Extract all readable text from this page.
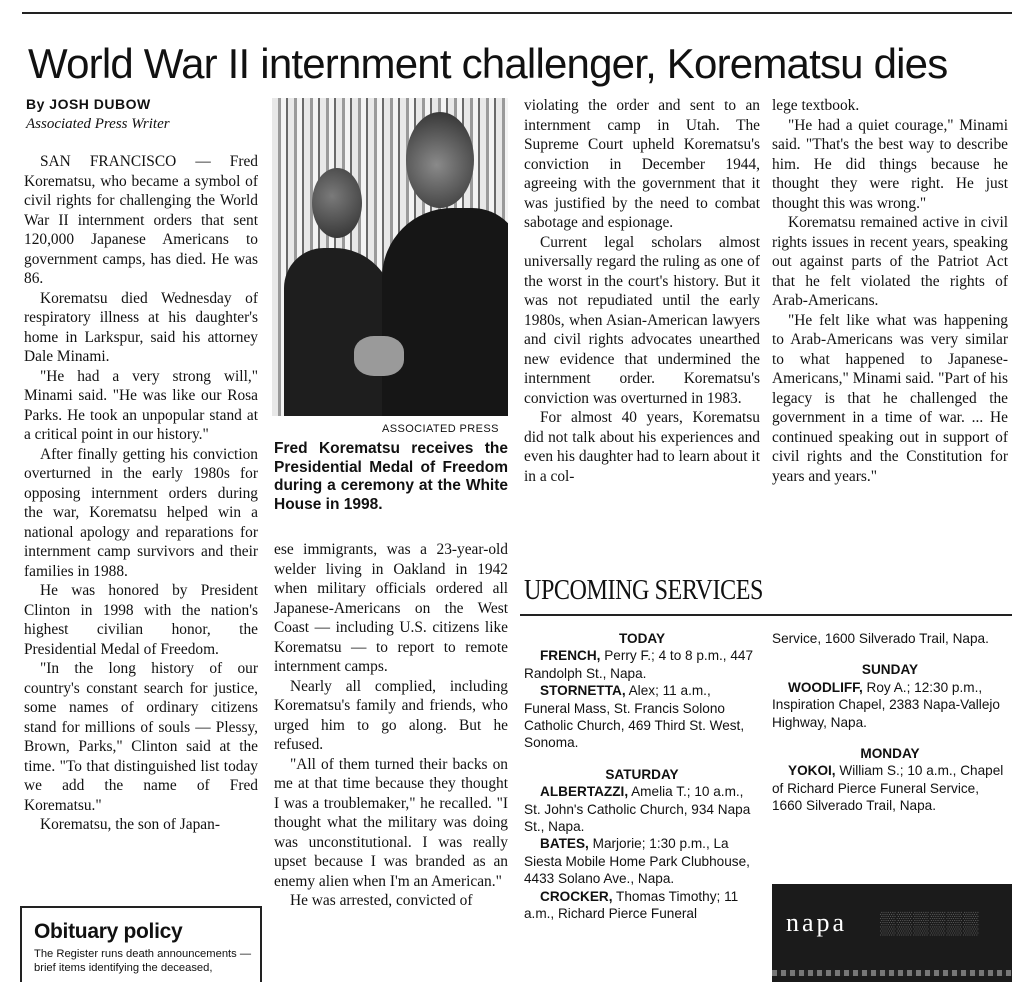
World War II internment challenger, Korematsu dies
By JOSH DUBOW
Associated Press Writer

SAN FRANCISCO — Fred Korematsu, who became a symbol of civil rights for challenging the World War II internment orders that sent 120,000 Japanese Americans to government camps, has died. He was 86.

Korematsu died Wednesday of respiratory illness at his daughter's home in Larkspur, said his attorney Dale Minami.

"He had a very strong will," Minami said. "He was like our Rosa Parks. He took an unpopular stand at a critical point in our history."

After finally getting his conviction overturned in the early 1980s for opposing internment orders during the war, Korematsu helped win a national apology and reparations for internment camp survivors and their families in 1988.

He was honored by President Clinton in 1998 with the nation's highest civilian honor, the Presidential Medal of Freedom.

"In the long history of our country's constant search for justice, some names of ordinary citizens stand for millions of souls — Plessy, Brown, Parks," Clinton said at the time. "To that distinguished list today we add the name of Fred Korematsu."

Korematsu, the son of Japan-

ASSOCIATED PRESS
Fred Korematsu receives the Presidential Medal of Freedom during a ceremony at the White House in 1998.

ese immigrants, was a 23-year-old welder living in Oakland in 1942 when military officials ordered all Japanese-Americans on the West Coast — including U.S. citizens like Korematsu — to report to remote internment camps.

Nearly all complied, including Korematsu's family and friends, who urged him to go along. But he refused.

"All of them turned their backs on me at that time because they thought I was a troublemaker," he recalled. "I thought what the military was doing was unconstitutional. I was really upset because I was branded as an enemy alien when I'm an American."

He was arrested, convicted of

violating the order and sent to an internment camp in Utah. The Supreme Court upheld Korematsu's conviction in December 1944, agreeing with the government that it was justified by the need to combat sabotage and espionage.

Current legal scholars almost universally regard the ruling as one of the worst in the court's history. But it was not repudiated until the early 1980s, when Asian-American lawyers and civil rights advocates unearthed new evidence that undermined the internment order. Korematsu's conviction was overturned in 1983.

For almost 40 years, Korematsu did not talk about his experiences and even his daughter had to learn about it in a col-

lege textbook.

"He had a quiet courage," Minami said. "That's the best way to describe him. He did things because he thought they were right. He just thought this was wrong."

Korematsu remained active in civil rights issues in recent years, speaking out against parts of the Patriot Act that he felt violated the rights of Arab-Americans.

"He felt like what was happening to Arab-Americans was very similar to what happened to Japanese-Americans," Minami said. "Part of his legacy is that he challenged the government in a time of war. ... He continued speaking out in support of civil rights and the Constitution for years and years."

UPCOMING SERVICES
TODAY
FRENCH, Perry F.; 4 to 8 p.m., 447 Randolph St., Napa.
STORNETTA, Alex; 11 a.m., Funeral Mass, St. Francis Solono Catholic Church, 469 Third St. West, Sonoma.
SATURDAY
ALBERTAZZI, Amelia T.; 10 a.m., St. John's Catholic Church, 934 Napa St., Napa.
BATES, Marjorie; 1:30 p.m., La Siesta Mobile Home Park Clubhouse, 4433 Solano Ave., Napa.
CROCKER, Thomas Timothy; 11 a.m., Richard Pierce Funeral
Service, 1600 Silverado Trail, Napa.
SUNDAY
WOODLIFF, Roy A.; 12:30 p.m., Inspiration Chapel, 2383 Napa-Vallejo Highway, Napa.
MONDAY
YOKOI, William S.; 10 a.m., Chapel of Richard Pierce Funeral Service, 1660 Silverado Trail, Napa.
Obituary policy
The Register runs death announcements — brief items identifying the deceased,
napa ▒▒▒▒▒▒
